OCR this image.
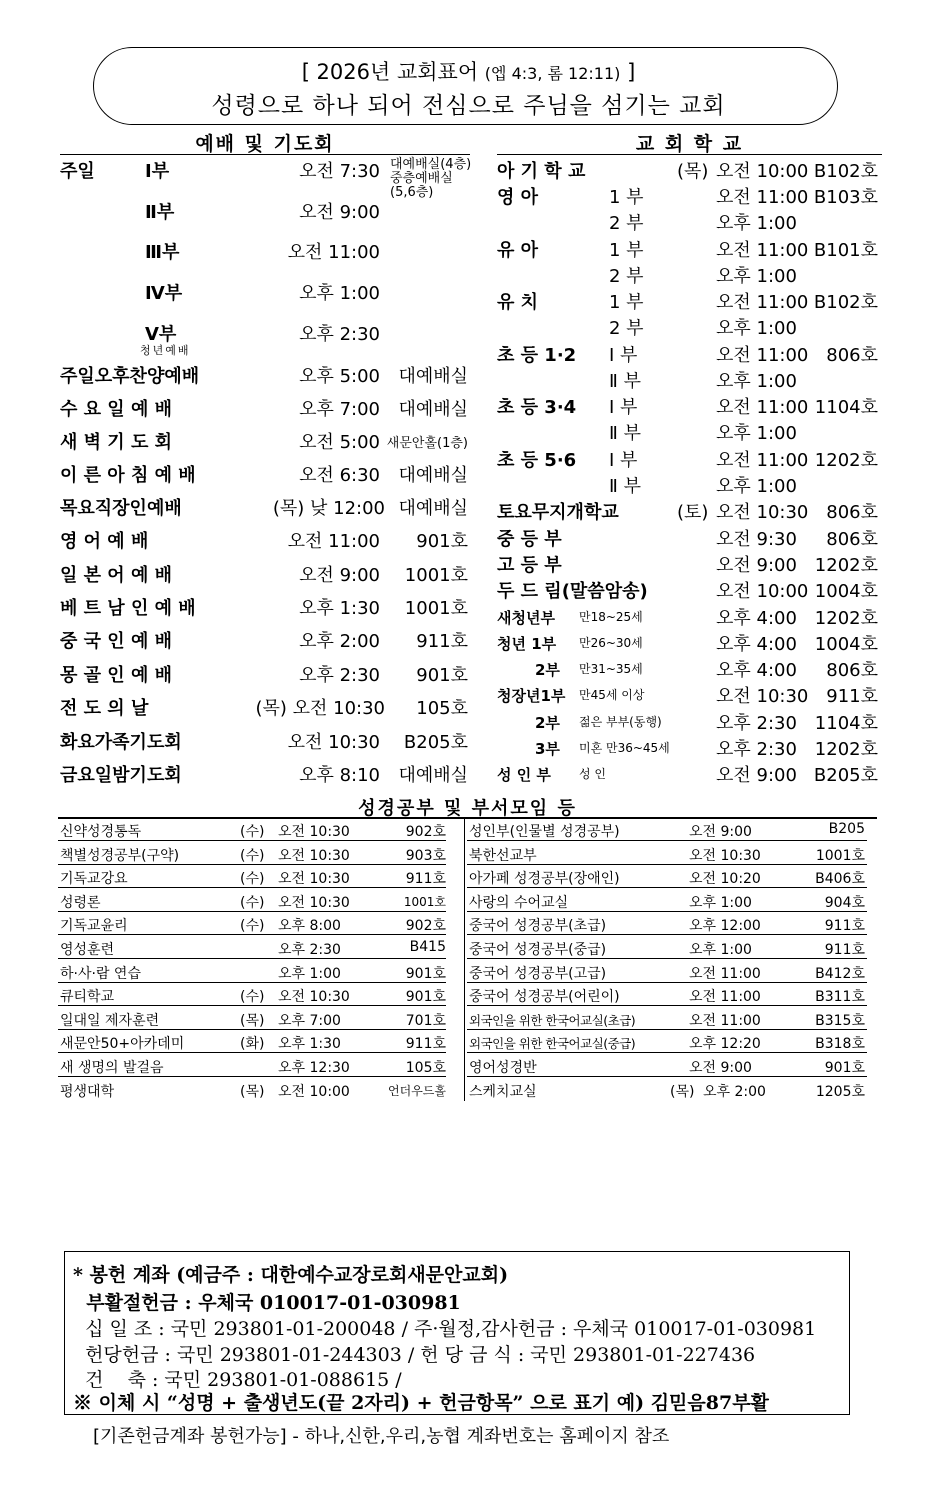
[ 2026년 교회표어 (엡 4:3, 롬 12:11) ]
성령으로 하나 되어 전심으로 주님을 섬기는 교회
예배 및 기도회	교 회 학 교
주일	Ⅰ부	오전 7:30 대예배실(4층)
중층예배실
(5,6층)
Ⅱ부	오전 9:00
Ⅲ부	오전 11:00
Ⅳ부	오후 1:00
Ⅴ부	오후 2:30
청년예배
주일오후찬양예배	오후 5:00 대예배실
수 요 일 예 배	오후 7:00 대예배실
새 벽 기 도 회	오전 5:00 새문안홀(1층)
이 른 아 침 예 배	오전 6:30 대예배실
목요직장인예배	(목) 낮 12:00 대예배실
영 어 예 배	오전 11:00 901호
일 본 어 예 배	오전 9:00 1001호
베 트 남 인 예 배	오후 1:30 1001호
중 국 인 예 배	오후 2:00 911호
몽 골 인 예 배	오후 2:30 901호
전 도 의 날	(목) 오전 10:30 105호
화요가족기도회	오전 10:30 B205호
금요일밤기도회	오후 8:10 대예배실
아 기 학 교	(목) 오전 10:00 B102호
영 아	1 부	오전 11:00 B103호
2 부	오후 1:00
유 아	1 부	오전 11:00 B101호
2 부	오후 1:00
유 치	1 부	오전 11:00 B102호
2 부	오후 1:00
초 등 1·2 Ⅰ 부	오전 11:00 806호
Ⅱ 부	오후 1:00
초 등 3·4 Ⅰ 부	오전 11:00 1104호
Ⅱ 부	오후 1:00
초 등 5·6 Ⅰ 부	오전 11:00 1202호
Ⅱ 부	오후 1:00
토요무지개학교	(토) 오전 10:30 806호
중 등 부	오전 9:30 806호
고 등 부	오전 9:00 1202호
두 드 림(말씀암송)	오전 10:00 1004호
새청년부 만18~25세	오후 4:00 1202호
청년 1부 만26~30세	오후 4:00 1004호
2부 만31~35세	오후 4:00 806호
청장년1부 만45세 이상	오전 10:30 911호
2부 젊은 부부(동행)	오후 2:30 1104호
3부 미혼 만36~45세	오후 2:30 1202호
성 인 부 성 인	오전 9:00 B205호
성경공부 및 부서모임 등
신약성경통독	(수) 오전 10:30	902호
책별성경공부(구약)	(수) 오전 10:30	903호
기독교강요	(수) 오전 10:30	911호
성령론	(수) 오전 10:30	1001호
기독교윤리	(수) 오후 8:00	902호
영성훈련	오후 2:30	B415
하·사·람 연습	오후 1:00	901호
큐티학교	(수) 오전 10:30	901호
일대일 제자훈련	(목) 오후 7:00	701호
새문안50+아카데미	(화) 오후 1:30	911호
새 생명의 발걸음	오후 12:30	105호
평생대학	(목) 오전 10:00	언더우드홀
성인부(인물별 성경공부)	오전 9:00	B205
북한선교부	오전 10:30	1001호
아가페 성경공부(장애인)	오전 10:20	B406호
사랑의 수어교실	오후 1:00	904호
중국어 성경공부(초급)	오후 12:00	911호
중국어 성경공부(중급)	오후 1:00	911호
중국어 성경공부(고급)	오전 11:00	B412호
중국어 성경공부(어린이)	오전 11:00	B311호
외국인을 위한 한국어교실(초급)	오전 11:00	B315호
외국인을 위한 한국어교실(중급)	오후 12:20	B318호
영어성경반	오전 9:00	901호
스케치교실	(목) 오후 2:00	1205호
* 봉헌 계좌 (예금주 : 대한예수교장로회새문안교회)
부활절헌금 : 우체국 010017-01-030981
십 일 조 : 국민 293801-01-200048 / 주·월정,감사헌금 : 우체국 010017-01-030981
헌당헌금 : 국민 293801-01-244303 / 헌 당 금 식 : 국민 293801-01-227436
건    축 : 국민 293801-01-088615 /
※ 이체 시 “성명 + 출생년도(끝 2자리) + 헌금항목” 으로 표기 예) 김믿음87부활
[기존헌금계좌 봉헌가능] - 하나,신한,우리,농협 계좌번호는 홈페이지 참조
